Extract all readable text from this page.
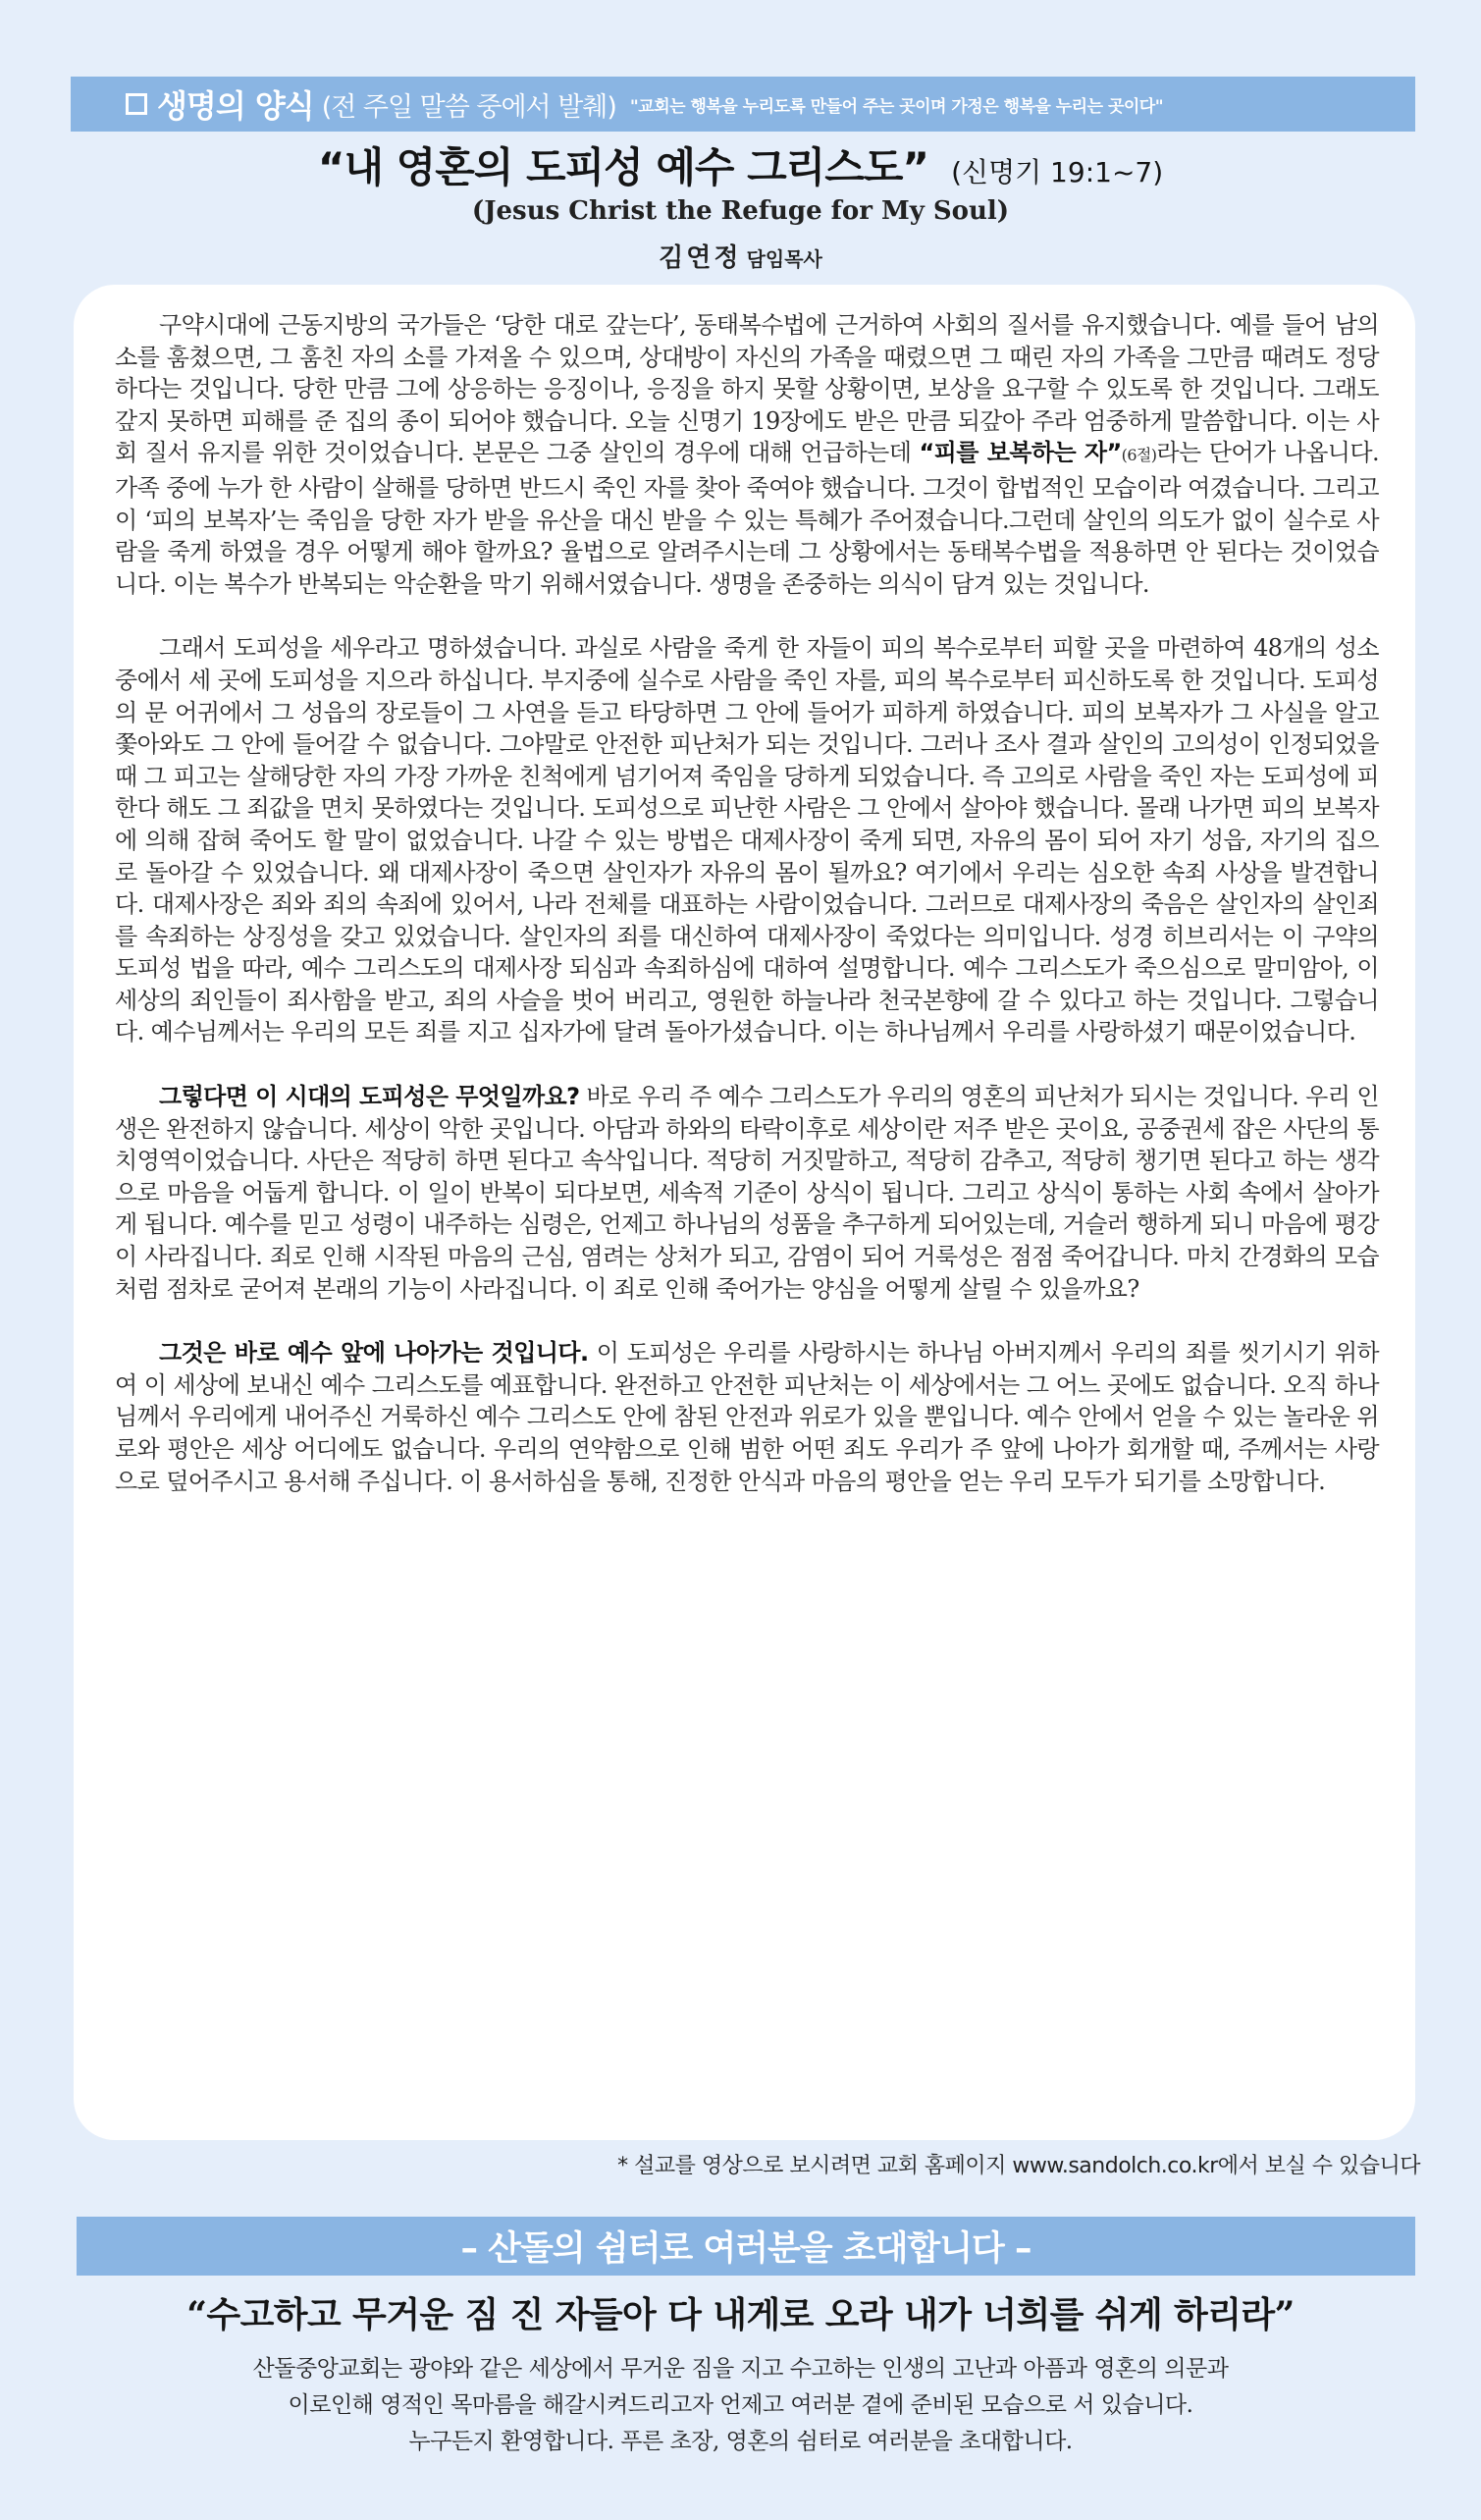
생명의 양식 (전 주일 말씀 중에서 발췌) "교회는 행복을 누리도록 만들어 주는 곳이며 가정은 행복을 누리는 곳이다"
“내 영혼의 도피성 예수 그리스도” (신명기 19:1~7)
(Jesus Christ the Refuge for My Soul)
김연정 담임목사

구약시대에 근동지방의 국가들은 ‘당한 대로 갚는다’, 동태복수법에 근거하여 사회의 질서를 유지했습니다. 예를 들어 남의 소를 훔쳤으면, 그 훔친 자의 소를 가져올 수 있으며, 상대방이 자신의 가족을 때렸으면 그 때린 자의 가족을 그만큼 때려도 정당하다는 것입니다. 당한 만큼 그에 상응하는 응징이나, 응징을 하지 못할 상황이면, 보상을 요구할 수 있도록 한 것입니다. 그래도 갚지 못하면 피해를 준 집의 종이 되어야 했습니다. 오늘 신명기 19장에도 받은 만큼 되갚아 주라 엄중하게 말씀합니다. 이는 사회 질서 유지를 위한 것이었습니다. 본문은 그중 살인의 경우에 대해 언급하는데 “피를 보복하는 자”(6절)라는 단어가 나옵니다. 가족 중에 누가 한 사람이 살해를 당하면 반드시 죽인 자를 찾아 죽여야 했습니다. 그것이 합법적인 모습이라 여겼습니다. 그리고 이 ‘피의 보복자’는 죽임을 당한 자가 받을 유산을 대신 받을 수 있는 특혜가 주어졌습니다.그런데 살인의 의도가 없이 실수로 사람을 죽게 하였을 경우 어떻게 해야 할까요? 율법으로 알려주시는데 그 상황에서는 동태복수법을 적용하면 안 된다는 것이었습니다. 이는 복수가 반복되는 악순환을 막기 위해서였습니다. 생명을 존중하는 의식이 담겨 있는 것입니다.

그래서 도피성을 세우라고 명하셨습니다. 과실로 사람을 죽게 한 자들이 피의 복수로부터 피할 곳을 마련하여 48개의 성소 중에서 세 곳에 도피성을 지으라 하십니다. 부지중에 실수로 사람을 죽인 자를, 피의 복수로부터 피신하도록 한 것입니다. 도피성의 문 어귀에서 그 성읍의 장로들이 그 사연을 듣고 타당하면 그 안에 들어가 피하게 하였습니다. 피의 보복자가 그 사실을 알고 쫓아와도 그 안에 들어갈 수 없습니다. 그야말로 안전한 피난처가 되는 것입니다. 그러나 조사 결과 살인의 고의성이 인정되었을 때 그 피고는 살해당한 자의 가장 가까운 친척에게 넘기어져 죽임을 당하게 되었습니다. 즉 고의로 사람을 죽인 자는 도피성에 피한다 해도 그 죄값을 면치 못하였다는 것입니다. 도피성으로 피난한 사람은 그 안에서 살아야 했습니다. 몰래 나가면 피의 보복자에 의해 잡혀 죽어도 할 말이 없었습니다. 나갈 수 있는 방법은 대제사장이 죽게 되면, 자유의 몸이 되어 자기 성읍, 자기의 집으로 돌아갈 수 있었습니다. 왜 대제사장이 죽으면 살인자가 자유의 몸이 될까요? 여기에서 우리는 심오한 속죄 사상을 발견합니다. 대제사장은 죄와 죄의 속죄에 있어서, 나라 전체를 대표하는 사람이었습니다. 그러므로 대제사장의 죽음은 살인자의 살인죄를 속죄하는 상징성을 갖고 있었습니다. 살인자의 죄를 대신하여 대제사장이 죽었다는 의미입니다. 성경 히브리서는 이 구약의 도피성 법을 따라, 예수 그리스도의 대제사장 되심과 속죄하심에 대하여 설명합니다. 예수 그리스도가 죽으심으로 말미암아, 이 세상의 죄인들이 죄사함을 받고, 죄의 사슬을 벗어 버리고, 영원한 하늘나라 천국본향에 갈 수 있다고 하는 것입니다. 그렇습니다. 예수님께서는 우리의 모든 죄를 지고 십자가에 달려 돌아가셨습니다. 이는 하나님께서 우리를 사랑하셨기 때문이었습니다.

그렇다면 이 시대의 도피성은 무엇일까요? 바로 우리 주 예수 그리스도가 우리의 영혼의 피난처가 되시는 것입니다. 우리 인생은 완전하지 않습니다. 세상이 악한 곳입니다. 아담과 하와의 타락이후로 세상이란 저주 받은 곳이요, 공중권세 잡은 사단의 통치영역이었습니다. 사단은 적당히 하면 된다고 속삭입니다. 적당히 거짓말하고, 적당히 감추고, 적당히 챙기면 된다고 하는 생각으로 마음을 어둡게 합니다. 이 일이 반복이 되다보면, 세속적 기준이 상식이 됩니다. 그리고 상식이 통하는 사회 속에서 살아가게 됩니다. 예수를 믿고 성령이 내주하는 심령은, 언제고 하나님의 성품을 추구하게 되어있는데, 거슬러 행하게 되니 마음에 평강이 사라집니다. 죄로 인해 시작된 마음의 근심, 염려는 상처가 되고, 감염이 되어 거룩성은 점점 죽어갑니다. 마치 간경화의 모습처럼 점차로 굳어져 본래의 기능이 사라집니다. 이 죄로 인해 죽어가는 양심을 어떻게 살릴 수 있을까요?

그것은 바로 예수 앞에 나아가는 것입니다. 이 도피성은 우리를 사랑하시는 하나님 아버지께서 우리의 죄를 씻기시기 위하여 이 세상에 보내신 예수 그리스도를 예표합니다. 완전하고 안전한 피난처는 이 세상에서는 그 어느 곳에도 없습니다. 오직 하나님께서 우리에게 내어주신 거룩하신 예수 그리스도 안에 참된 안전과 위로가 있을 뿐입니다. 예수 안에서 얻을 수 있는 놀라운 위로와 평안은 세상 어디에도 없습니다. 우리의 연약함으로 인해 범한 어떤 죄도 우리가 주 앞에 나아가 회개할 때, 주께서는 사랑으로 덮어주시고 용서해 주십니다. 이 용서하심을 통해, 진정한 안식과 마음의 평안을 얻는 우리 모두가 되기를 소망합니다.

* 설교를 영상으로 보시려면 교회 홈페이지 www.sandolch.co.kr에서 보실 수 있습니다
– 산돌의 쉼터로 여러분을 초대합니다 –
“수고하고 무거운 짐 진 자들아 다 내게로 오라 내가 너희를 쉬게 하리라”
산돌중앙교회는 광야와 같은 세상에서 무거운 짐을 지고 수고하는 인생의 고난과 아픔과 영혼의 의문과
이로인해 영적인 목마름을 해갈시켜드리고자 언제고 여러분 곁에 준비된 모습으로 서 있습니다.
누구든지 환영합니다. 푸른 초장, 영혼의 쉼터로 여러분을 초대합니다.
